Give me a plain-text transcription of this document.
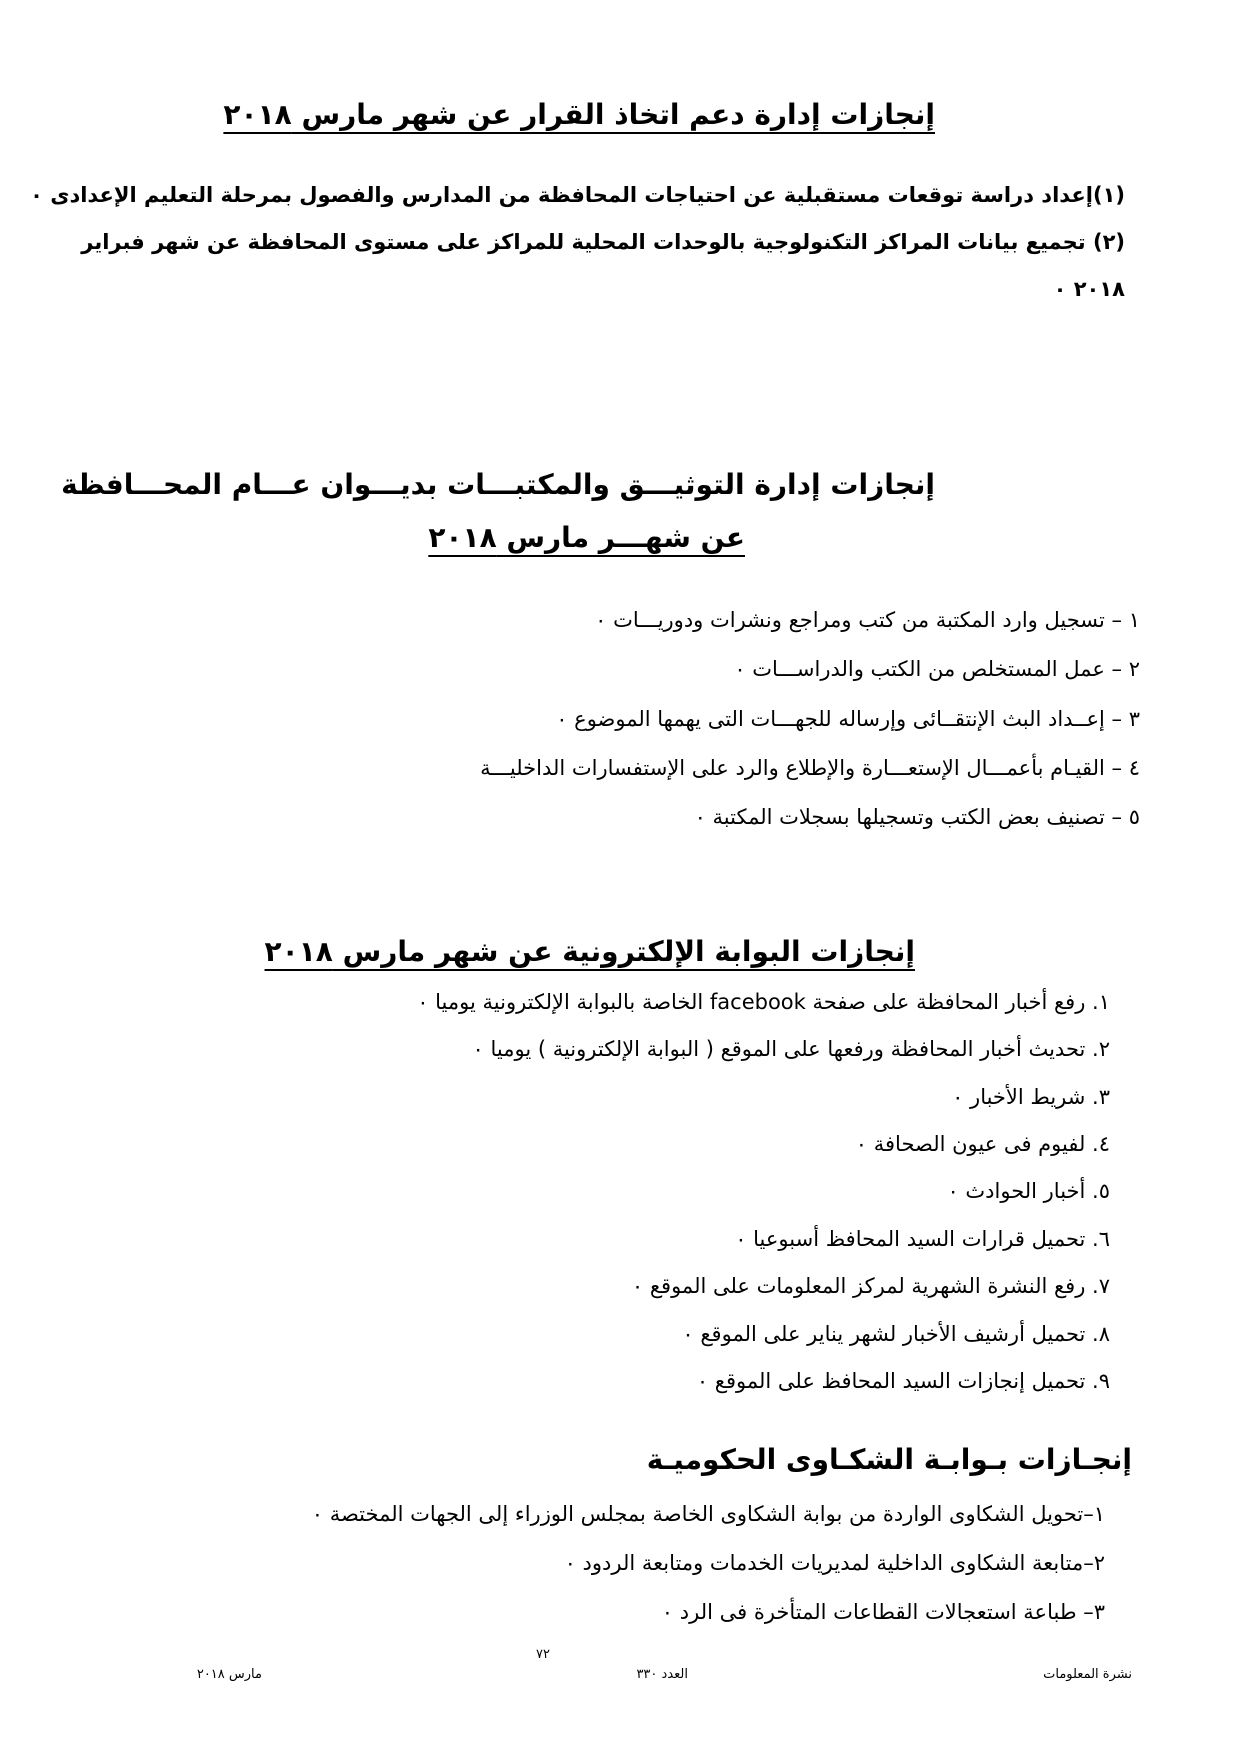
إنجازات إدارة دعم اتخاذ القرار عن شهر مارس ٢٠١٨
(١)إعداد دراسة توقعات مستقبلية عن احتياجات المحافظة من المدارس والفصول بمرحلة التعليم الإعدادى ٠
(٢) تجميع بيانات المراكز التكنولوجية بالوحدات المحلية للمراكز على مستوى المحافظة عن شهر فبراير
٢٠١٨ ٠
إنجازات إدارة التوثيـــق والمكتبـــات بديـــوان عـــام المحـــافظة
عن شهـــر مارس ٢٠١٨
١ – تسجيل وارد المكتبة من كتب ومراجع ونشرات ودوريـــات ٠
٢ – عمل المستخلص من الكتب والدراســـات ٠
٣ – إعــداد البث الإنتقــائى وإرساله للجهـــات التى يهمها الموضوع ٠
٤ – القيـام بأعمـــال الإستعـــارة والإطلاع والرد على الإستفسارات الداخليـــة
٥ – تصنيف بعض الكتب وتسجيلها بسجلات المكتبة ٠
إنجازات البوابة الإلكترونية عن شهر مارس ٢٠١٨
١. رفع أخبار المحافظة على صفحة facebook الخاصة بالبوابة الإلكترونية يوميا ٠
٢. تحديث أخبار المحافظة ورفعها على الموقع ( البوابة الإلكترونية ) يوميا ٠
٣. شريط الأخبار ٠
٤. لفيوم فى عيون الصحافة ٠
٥. أخبار الحوادث ٠
٦. تحميل قرارات السيد المحافظ أسبوعيا ٠
٧. رفع النشرة الشهرية لمركز المعلومات على الموقع ٠
٨. تحميل أرشيف الأخبار لشهر يناير على الموقع ٠
٩. تحميل إنجازات السيد المحافظ على الموقع ٠
إنجـازات بـوابـة الشكـاوى الحكوميـة
١–تحويل الشكاوى الواردة من بوابة الشكاوى الخاصة بمجلس الوزراء إلى الجهات المختصة ٠
٢–متابعة الشكاوى الداخلية لمديريات الخدمات ومتابعة الردود ٠
٣– طباعة استعجالات القطاعات المتأخرة فى الرد ٠
٧٢
نشرة المعلومات
العدد ٣٣٠
مارس ٢٠١٨
